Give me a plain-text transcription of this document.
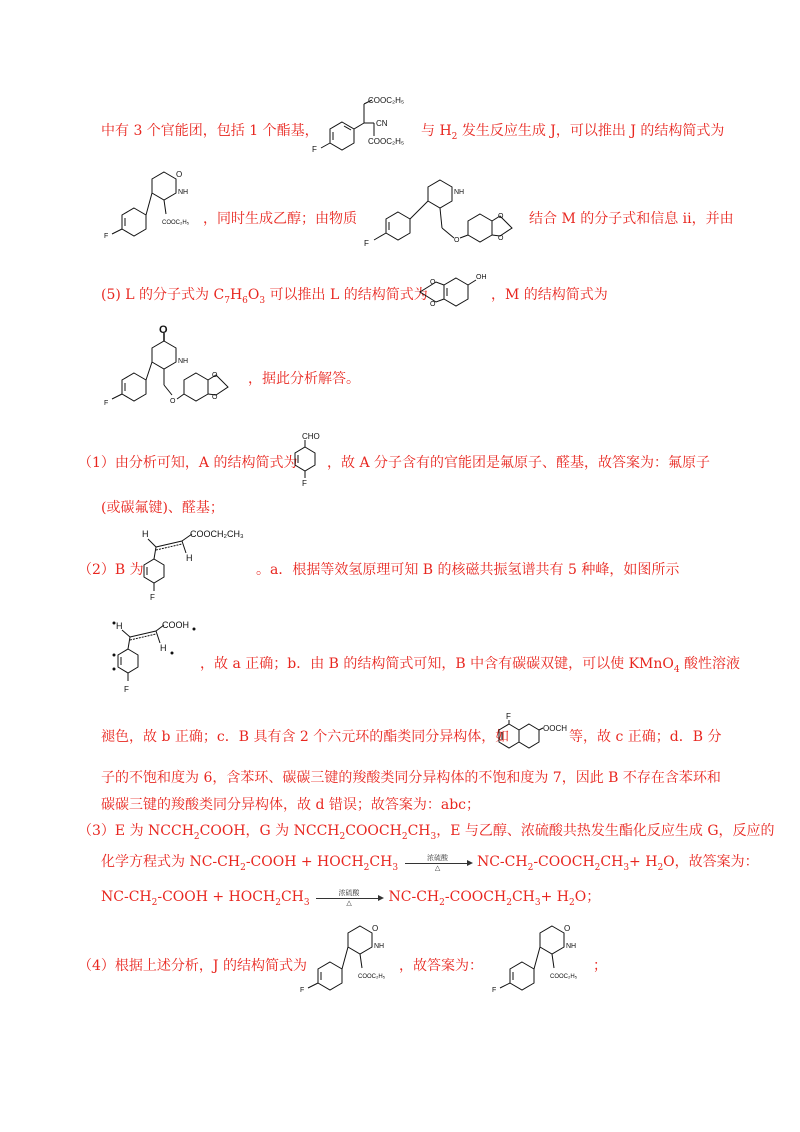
中有 3 个官能团，包括 1 个酯基，
F
COOC₂H₅
CN
COOC₂H₅
与 $H_2$ 发生反应生成 J，可以推出 J 的结构简式为
O
NH
F
COOC₂H₅ ，同时生成乙醇；由物质
NH
F	O
O
O
结合 M 的分子式和信息 ii，并由
(5) L 的分子式为 $C_7H_6O_3$ 可以推出 L 的结构简式为
OH
O
O
，M 的结构简式为
O
NH
F	O
O
O
，据此分析解答。
（1）由分析可知，A 的结构简式为
CHO
F
，故 A 分子含有的官能团是氟原子、醛基，故答案为：氟原子
(或碳氟键)、醛基；
（2）B 为
H	COOCH₂CH₃
H
F
。a．根据等效氢原理可知 B 的核磁共振氢谱共有 5 种峰，如图所示
H	COOH
H
F
，故 a 正确；b．由 B 的结构简式可知，B 中含有碳碳双键，可以使 KMnO$_4$ 酸性溶液
褪色，故 b 正确；c．B 具有含 2 个六元环的酯类同分异构体，如
F
OOCH
等，故 c 正确；d．B 分
子的不饱和度为 6，含苯环、碳碳三键的羧酸类同分异构体的不饱和度为 7，因此 B 不存在含苯环和
碳碳三键的羧酸类同分异构体，故 d 错误；故答案为：abc；
（3）E 为 $NCCH_2COOH$，G 为 $NCCH_2COOCH_2CH_3$，E 与乙醇、浓硫酸共热发生酯化反应生成 G，反应的
化学方程式为 $NC-CH_2$-COOH + $HOCH_2CH_3$
浓硫酸
△	$NC-CH_2-COOCH_2CH_3+ H_2O$，故答案为：
$NC-CH_2$-COOH + $HOCH_2CH_3$
浓硫酸
△	$NC-CH_2-COOCH_2CH_3+ H_2O$；
（4）根据上述分析，J 的结构简式为
O
NH
F
COOC₂H₅
，故答案为：
O
NH
F
COOC₂H₅
；
